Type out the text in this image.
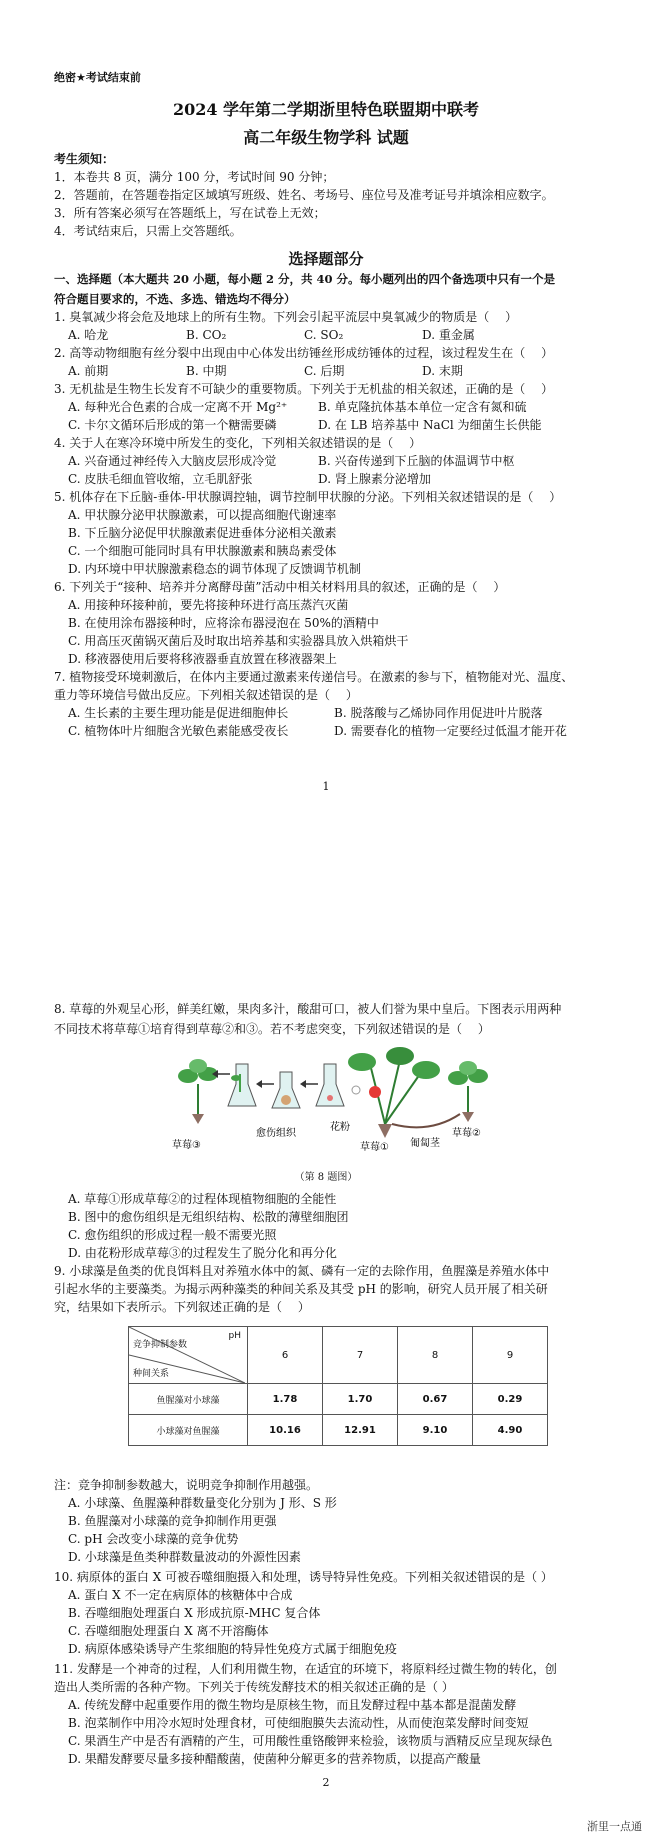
绝密★考试结束前
2024 学年第二学期浙里特色联盟期中联考
高二年级生物学科 试题
考生须知：
1．本卷共 8 页，满分 100 分，考试时间 90 分钟；
2．答题前，在答题卷指定区域填写班级、姓名、考场号、座位号及准考证号并填涂相应数字。
3．所有答案必须写在答题纸上，写在试卷上无效；
4．考试结束后，只需上交答题纸。
选择题部分
一、选择题（本大题共 20 小题，每小题 2 分，共 40 分。每小题列出的四个备选项中只有一个是
符合题目要求的，不选、多选、错选均不得分）
1. 臭氧减少将会危及地球上的所有生物。下列会引起平流层中臭氧减少的物质是（　 ）
A. 哈龙	B. CO₂	C. SO₂	D. 重金属
2. 高等动物细胞有丝分裂中出现由中心体发出纺锤丝形成纺锤体的过程，该过程发生在（　 ）
A. 前期	B. 中期	C. 后期	D. 末期
3. 无机盐是生物生长发育不可缺少的重要物质。下列关于无机盐的相关叙述，正确的是（　 ）
A. 每种光合色素的合成一定离不开 Mg²⁺	B. 单克隆抗体基本单位一定含有氮和硫
C. 卡尔文循环后形成的第一个糖需要磷	D. 在 LB 培养基中 NaCl 为细菌生长供能
4. 关于人在寒冷环境中所发生的变化，下列相关叙述错误的是（　 ）
A. 兴奋通过神经传入大脑皮层形成冷觉	B. 兴奋传递到下丘脑的体温调节中枢
C. 皮肤毛细血管收缩，立毛肌舒张	D. 肾上腺素分泌增加
5. 机体存在下丘脑-垂体-甲状腺调控轴，调节控制甲状腺的分泌。下列相关叙述错误的是（　 ）
A. 甲状腺分泌甲状腺激素，可以提高细胞代谢速率
B. 下丘脑分泌促甲状腺激素促进垂体分泌相关激素
C. 一个细胞可能同时具有甲状腺激素和胰岛素受体
D. 内环境中甲状腺激素稳态的调节体现了反馈调节机制
6. 下列关于“接种、培养并分离酵母菌”活动中相关材料用具的叙述，正确的是（　 ）
A. 用接种环接种前，要先将接种环进行高压蒸汽灭菌
B. 在使用涂布器接种时，应将涂布器浸泡在 50%的酒精中
C. 用高压灭菌锅灭菌后及时取出培养基和实验器具放入烘箱烘干
D. 移液器使用后要将移液器垂直放置在移液器架上
7. 植物接受环境刺激后，在体内主要通过激素来传递信号。在激素的参与下，植物能对光、温度、
重力等环境信号做出反应。下列相关叙述错误的是（　 ）
A. 生长素的主要生理功能是促进细胞伸长	B. 脱落酸与乙烯协同作用促进叶片脱落
C. 植物体叶片细胞含光敏色素能感受夜长	D. 需要春化的植物一定要经过低温才能开花
1
8. 草莓的外观呈心形，鲜美红嫩，果肉多汁，酸甜可口，被人们誉为果中皇后。下图表示用两种
不同技术将草莓①培育得到草莓②和③。若不考虑突变，下列叙述错误的是（　 ）
草莓③
愈伤组织
花粉
草莓① 匍匐茎
草莓②
（第 8 题图）
A. 草莓①形成草莓②的过程体现植物细胞的全能性
B. 图中的愈伤组织是无组织结构、松散的薄壁细胞团
C. 愈伤组织的形成过程一般不需要光照
D. 由花粉形成草莓③的过程发生了脱分化和再分化
9. 小球藻是鱼类的优良饵料且对养殖水体中的氮、磷有一定的去除作用，鱼腥藻是养殖水体中
引起水华的主要藻类。为揭示两种藻类的种间关系及其受 pH 的影响，研究人员开展了相关研
究，结果如下表所示。下列叙述正确的是（　 ）
pH
竞争抑制参数
种间关系	6	7	8	9
鱼腥藻对小球藻	1.78	1.70	0.67	0.29
小球藻对鱼腥藻	10.16	12.91	9.10	4.90
注：竞争抑制参数越大，说明竞争抑制作用越强。
A. 小球藻、鱼腥藻种群数量变化分别为 J 形、S 形
B. 鱼腥藻对小球藻的竞争抑制作用更强
C. pH 会改变小球藻的竞争优势
D. 小球藻是鱼类种群数量波动的外源性因素
10. 病原体的蛋白 X 可被吞噬细胞摄入和处理，诱导特异性免疫。下列相关叙述错误的是（ ）
A. 蛋白 X 不一定在病原体的核糖体中合成
B. 吞噬细胞处理蛋白 X 形成抗原-MHC 复合体
C. 吞噬细胞处理蛋白 X 离不开溶酶体
D. 病原体感染诱导产生浆细胞的特异性免疫方式属于细胞免疫
11. 发酵是一个神奇的过程，人们利用微生物，在适宜的环境下，将原料经过微生物的转化，创
造出人类所需的各种产物。下列关于传统发酵技术的相关叙述正确的是（ ）
A. 传统发酵中起重要作用的微生物均是原核生物，而且发酵过程中基本都是混菌发酵
B. 泡菜制作中用冷水短时处理食材，可使细胞膜失去流动性，从而使泡菜发酵时间变短
C. 果酒生产中是否有酒精的产生，可用酸性重铬酸钾来检验，该物质与酒精反应呈现灰绿色
D. 果醋发酵要尽量多接种醋酸菌，使菌种分解更多的营养物质，以提高产酸量
2
浙里一点通
